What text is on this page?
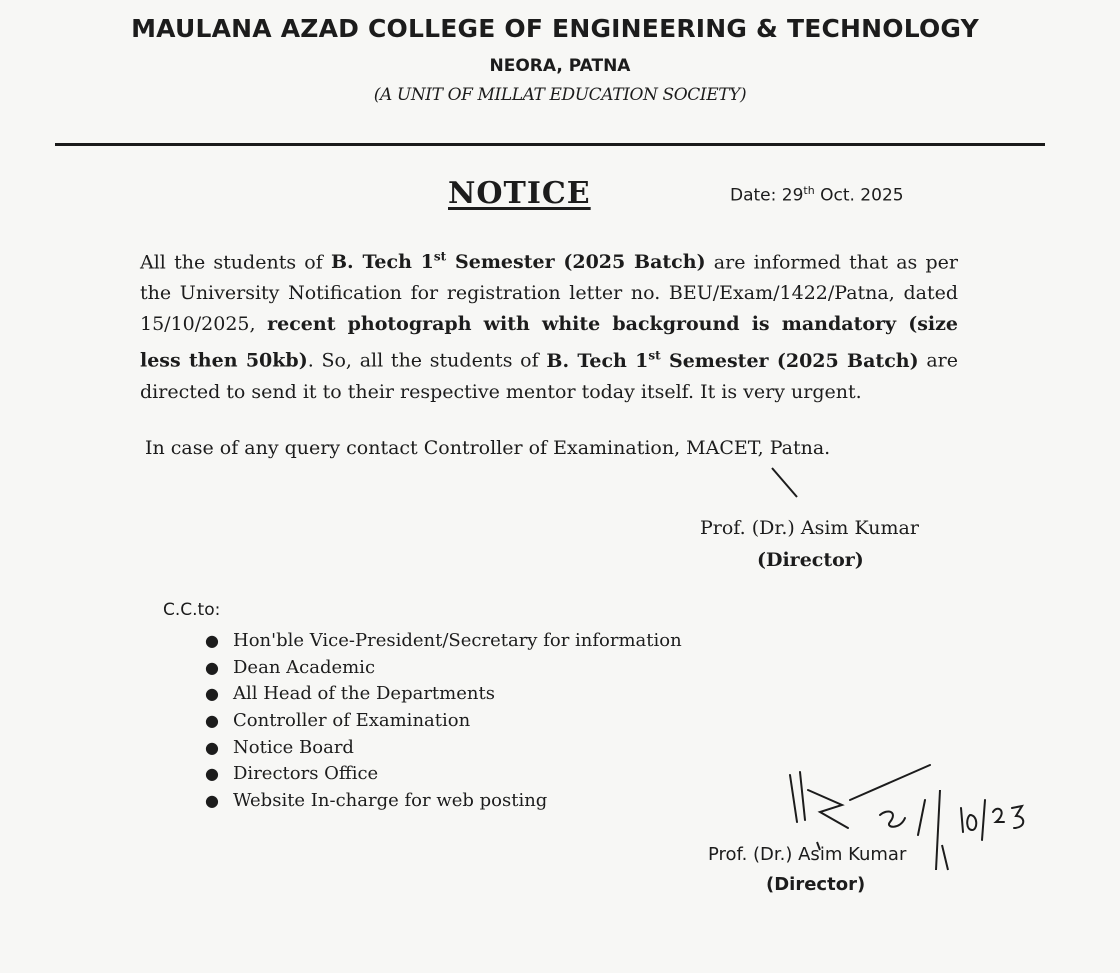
MAULANA AZAD COLLEGE OF ENGINEERING & TECHNOLOGY
NEORA, PATNA
(A UNIT OF MILLAT EDUCATION SOCIETY)
NOTICE	Date: 29th Oct. 2025
All the students of B. Tech 1st Semester (2025 Batch) are informed that as per the University Notification for registration letter no. BEU/Exam/1422/Patna, dated 15/10/2025, recent photograph with white background is mandatory (size less then 50kb). So, all the students of B. Tech 1st Semester (2025 Batch) are directed to send it to their respective mentor today itself. It is very urgent.
In case of any query contact Controller of Examination, MACET, Patna.
Prof. (Dr.) Asim Kumar
(Director)
C.C.to:
● Hon'ble Vice-President/Secretary for information
● Dean Academic
● All Head of the Departments
● Controller of Examination
● Notice Board
● Directors Office
● Website In-charge for web posting
Prof. (Dr.) Asim Kumar
(Director)
